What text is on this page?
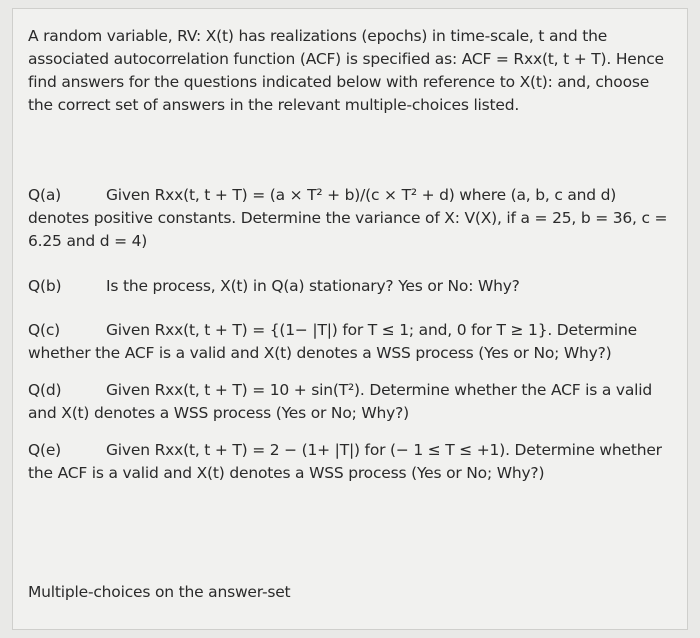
A random variable, RV: X(t) has realizations (epochs) in time-scale, t and the associated autocorrelation function (ACF) is specified as: ACF = Rxx(t, t + T). Hence find answers for the questions indicated below with reference to X(t): and, choose the correct set of answers in the relevant multiple-choices listed.
Q(a)	Given Rxx(t, t + T) = (a × T² + b)/(c × T² + d) where (a, b, c and d) denotes positive constants. Determine the variance of X: V(X), if a = 25, b = 36, c = 6.25 and d = 4)
Q(b)	Is the process, X(t) in Q(a) stationary? Yes or No: Why?
Q(c)	Given Rxx(t, t + T) = {(1− |T|) for T ≤ 1; and, 0 for T ≥ 1}. Determine whether the ACF is a valid and X(t) denotes a WSS process (Yes or No; Why?)
Q(d)	Given Rxx(t, t + T) = 10 + sin(T²). Determine whether the ACF is a valid and X(t) denotes a WSS process (Yes or No; Why?)
Q(e)	Given Rxx(t, t + T) = 2 − (1+ |T|) for (− 1 ≤ T ≤ +1). Determine whether the ACF is a valid and X(t) denotes a WSS process (Yes or No; Why?)
Multiple-choices on the answer-set
